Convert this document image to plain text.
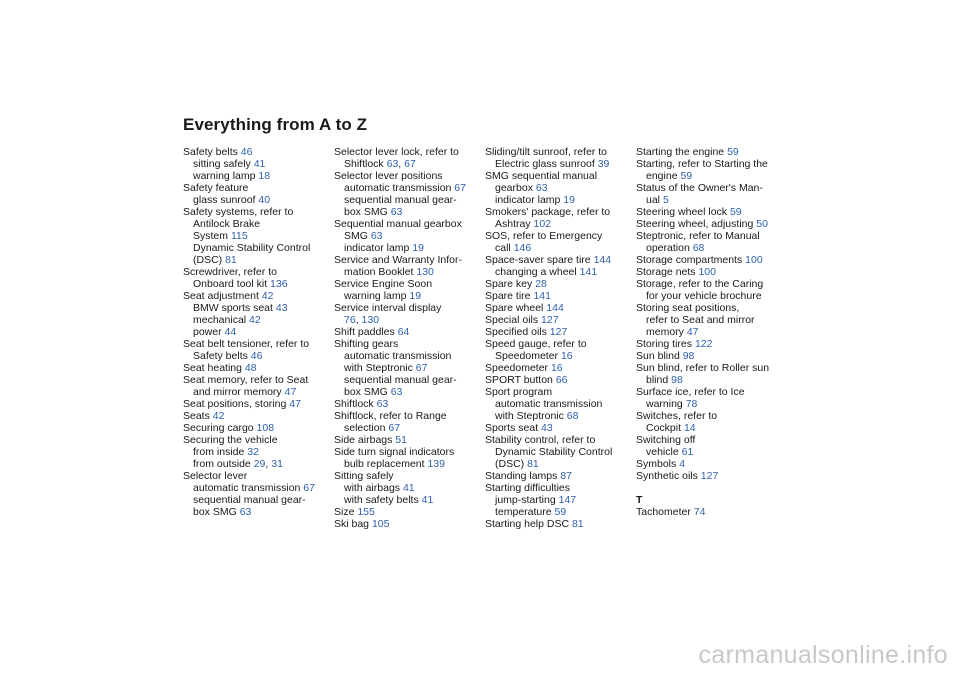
Everything from A to Z
Safety belts 46
sitting safely 41
warning lamp 18
Safety feature
glass sunroof 40
Safety systems, refer to
Antilock Brake
System 115
Dynamic Stability Control
(DSC) 81
Screwdriver, refer to
Onboard tool kit 136
Seat adjustment 42
BMW sports seat 43
mechanical 42
power 44
Seat belt tensioner, refer to
Safety belts 46
Seat heating 48
Seat memory, refer to Seat
and mirror memory 47
Seat positions, storing 47
Seats 42
Securing cargo 108
Securing the vehicle
from inside 32
from outside 29, 31
Selector lever
automatic transmission 67
sequential manual gear-
box SMG 63
Selector lever lock, refer to
Shiftlock 63, 67
Selector lever positions
automatic transmission 67
sequential manual gear-
box SMG 63
Sequential manual gearbox
SMG 63
indicator lamp 19
Service and Warranty Infor-
mation Booklet 130
Service Engine Soon
warning lamp 19
Service interval display
76, 130
Shift paddles 64
Shifting gears
automatic transmission
with Steptronic 67
sequential manual gear-
box SMG 63
Shiftlock 63
Shiftlock, refer to Range
selection 67
Side airbags 51
Side turn signal indicators
bulb replacement 139
Sitting safely
with airbags 41
with safety belts 41
Size 155
Ski bag 105
Sliding/tilt sunroof, refer to
Electric glass sunroof 39
SMG sequential manual
gearbox 63
indicator lamp 19
Smokers' package, refer to
Ashtray 102
SOS, refer to Emergency
call 146
Space-saver spare tire 144
changing a wheel 141
Spare key 28
Spare tire 141
Spare wheel 144
Special oils 127
Specified oils 127
Speed gauge, refer to
Speedometer 16
Speedometer 16
SPORT button 66
Sport program
automatic transmission
with Steptronic 68
Sports seat 43
Stability control, refer to
Dynamic Stability Control
(DSC) 81
Standing lamps 87
Starting difficulties
jump-starting 147
temperature 59
Starting help DSC 81
Starting the engine 59
Starting, refer to Starting the
engine 59
Status of the Owner's Man-
ual 5
Steering wheel lock 59
Steering wheel, adjusting 50
Steptronic, refer to Manual
operation 68
Storage compartments 100
Storage nets 100
Storage, refer to the Caring
for your vehicle brochure
Storing seat positions,
refer to Seat and mirror
memory 47
Storing tires 122
Sun blind 98
Sun blind, refer to Roller sun
blind 98
Surface ice, refer to Ice
warning 78
Switches, refer to
Cockpit 14
Switching off
vehicle 61
Symbols 4
Synthetic oils 127
T
Tachometer 74
carmanualsonline.info
